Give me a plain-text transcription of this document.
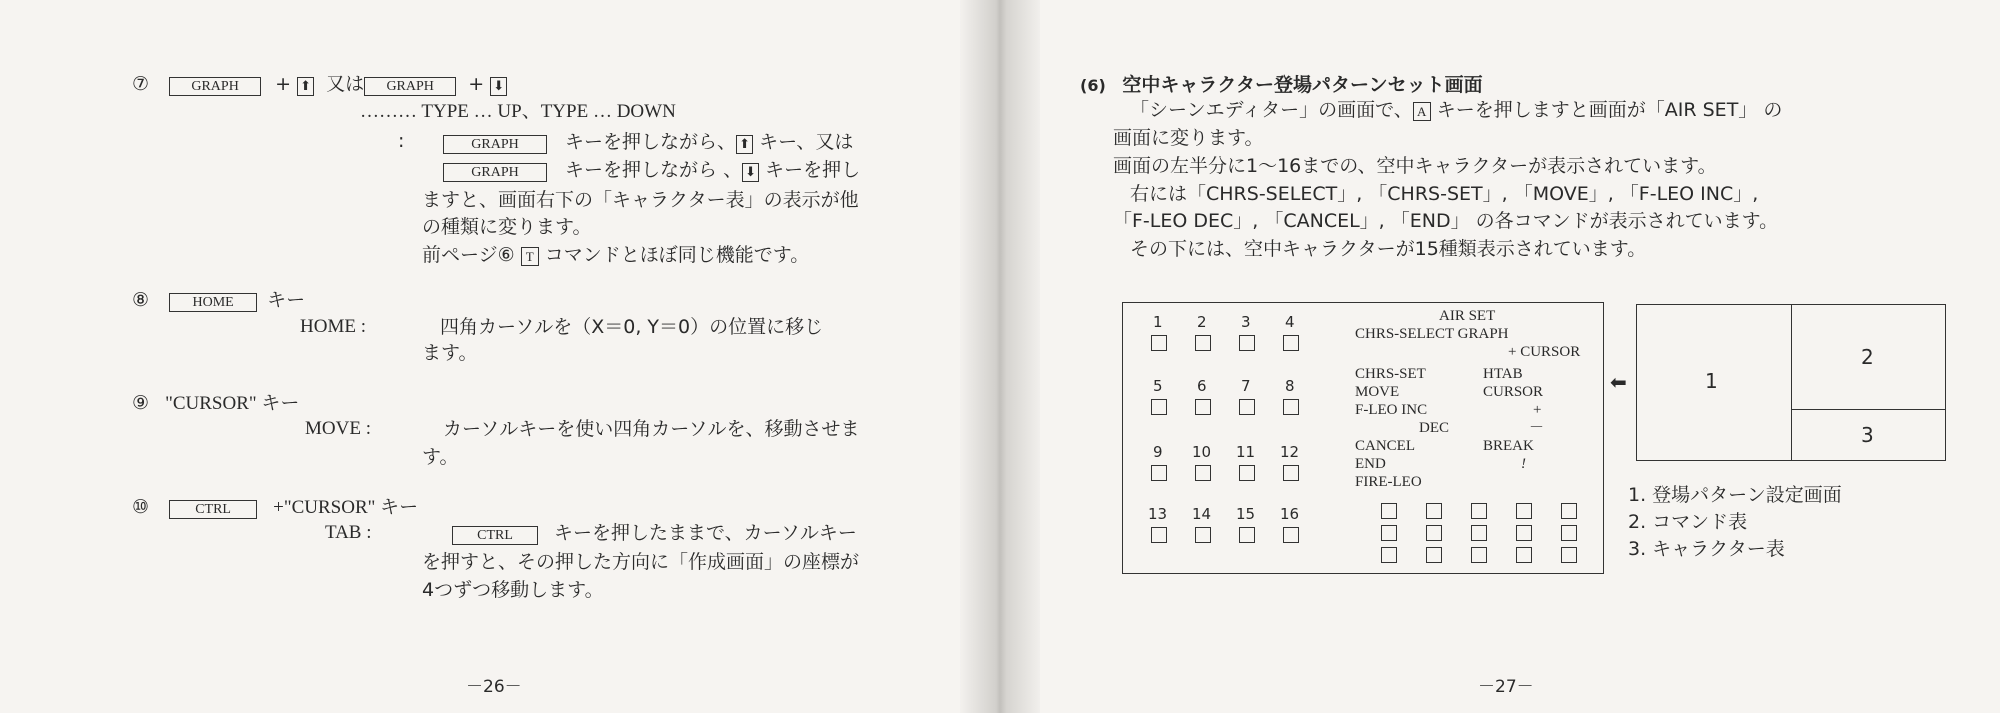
⑦	GRAPH + ⬆ 又は GRAPH + ⬇
……… TYPE … UP、TYPE … DOWN
:	GRAPH キーを押しながら、 ⬆ キー、又は
GRAPH キーを押しながら 、 ⬇ キーを押し
ますと、画面右下の「キャラクター表」の表示が他
の種類に変ります。
前ページ⑥ T コマンドとほぼ同じ機能です。
⑧	HOME キー
HOME :	四角カーソルを（X＝0, Y＝0）の位置に移じ
ます。
⑨ "CURSOR" キー
MOVE :	カーソルキーを使い四角カーソルを、移動させま
す。
⑩	CTRL +"CURSOR" キー
TAB :	CTRL キーを押したままで、カーソルキー
を押すと、その押した方向に「作成画面」の座標が
4つずつ移動します。
－26－
(6) 空中キャラクター登場パターンセット画面
「シーンエディター」の画面で、 A キーを押しますと画面が「AIR SET」 の
画面に変ります。
画面の左半分に1～16までの、空中キャラクターが表示されています。
右には「CHRS-SELECT」, 「CHRS-SET」, 「MOVE」, 「F-LEO INC」,
「F-LEO DEC」, 「CANCEL」, 「END」 の各コマンドが表示されています。
その下には、空中キャラクターが15種類表示されています。
1 2 3 4
5 6 7 8
9 10 11 12
13 14 15 16
AIR SET
CHRS-SELECT GRAPH
+ CURSOR
CHRS-SET	HTAB
MOVE	CURSOR
F-LEO INC	+
DEC	－
CANCEL	BREAK
END	!
FIRE-LEO
⬅	1
2
3
1. 登場パターン設定画面
2. コマンド表
3. キャラクター表
－27－
